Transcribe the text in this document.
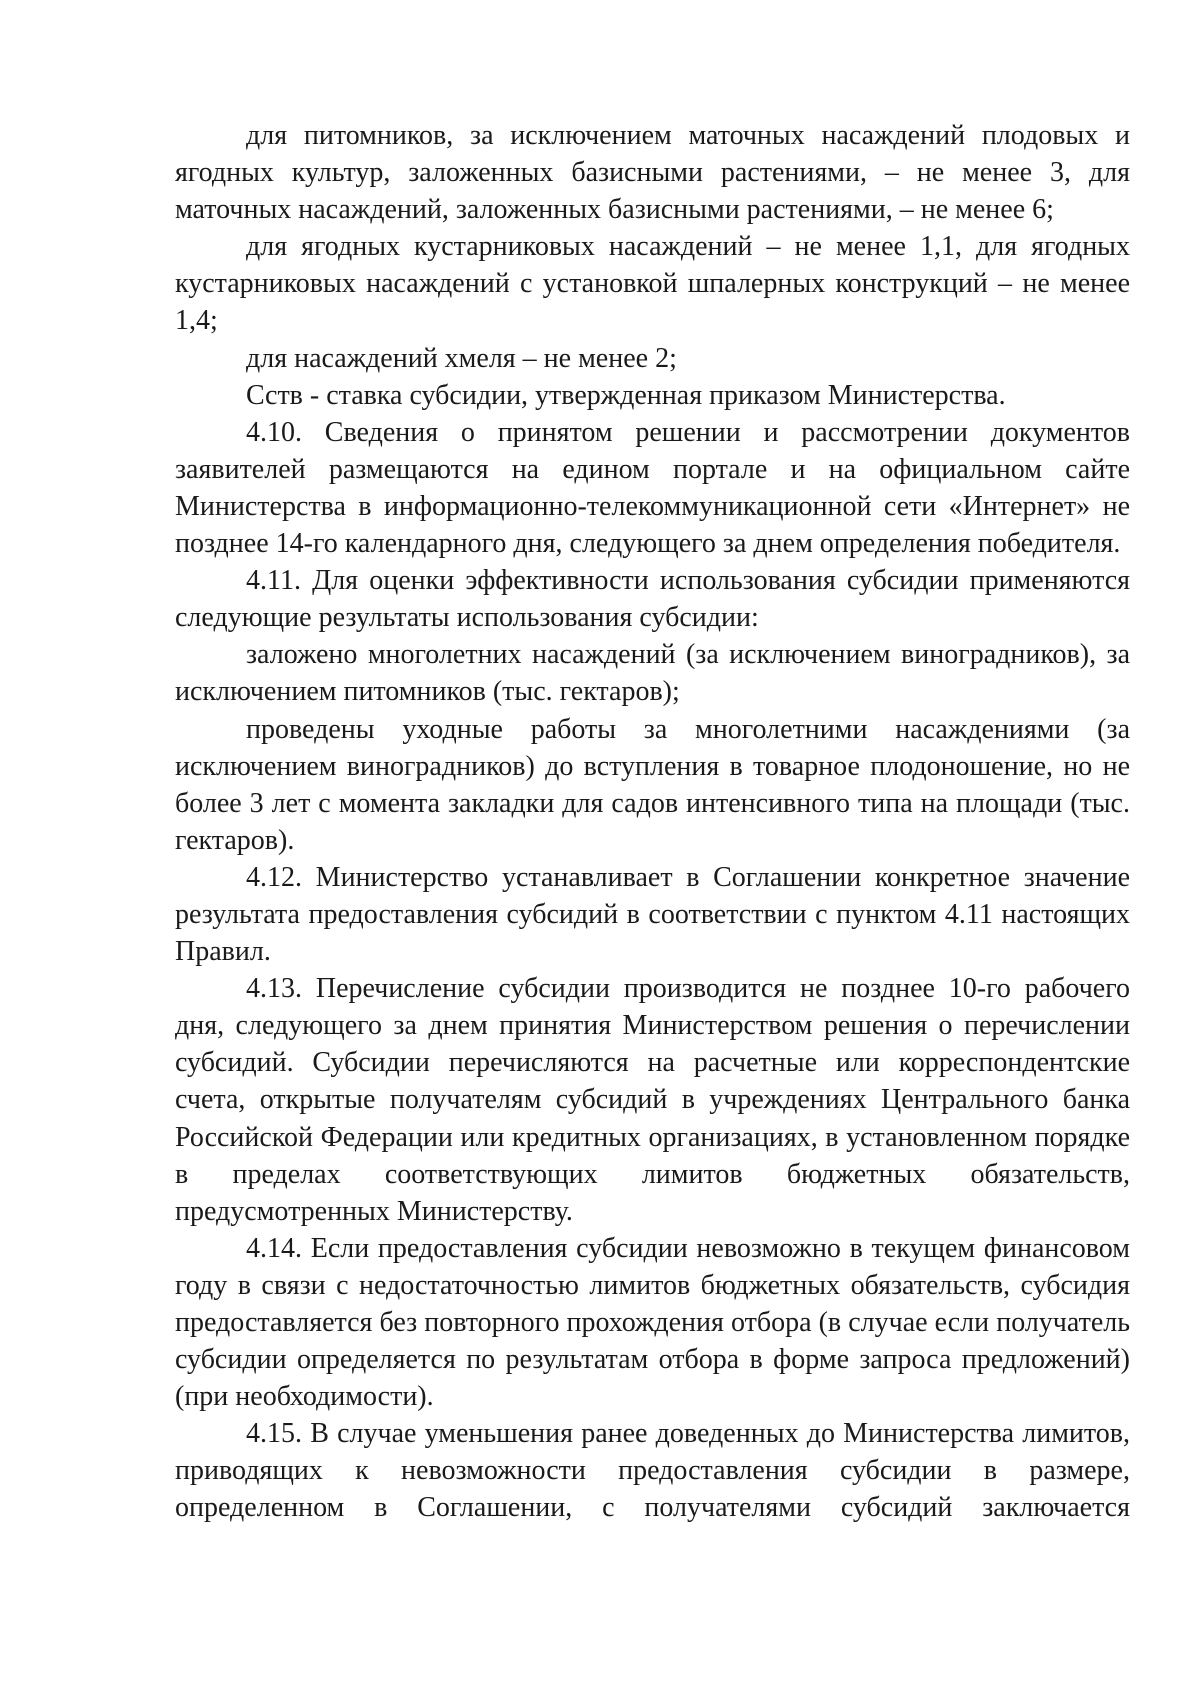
для питомников, за исключением маточных насаждений плодовых и ягодных культур, заложенных базисными растениями, – не менее 3, для маточных насаждений, заложенных базисными растениями, – не менее 6;

для ягодных кустарниковых насаждений – не менее 1,1, для ягодных кустарниковых насаждений с установкой шпалерных конструкций – не менее 1,4;

для насаждений хмеля – не менее 2;

Сств - ставка субсидии, утвержденная приказом Министерства.

4.10. Сведения о принятом решении и рассмотрении документов заявителей размещаются на едином портале и на официальном сайте Министерства в информационно-телекоммуникационной сети «Интернет» не позднее 14-го календарного дня, следующего за днем определения победителя.

4.11. Для оценки эффективности использования субсидии применяются следующие результаты использования субсидии:

заложено многолетних насаждений (за исключением виноградников), за исключением питомников (тыс. гектаров);

проведены уходные работы за многолетними насаждениями (за исключением виноградников) до вступления в товарное плодоношение, но не более 3 лет с момента закладки для садов интенсивного типа на площади (тыс. гектаров).

4.12. Министерство устанавливает в Соглашении конкретное значение результата предоставления субсидий в соответствии с пунктом 4.11 настоящих Правил.

4.13. Перечисление субсидии производится не позднее 10-го рабочего дня, следующего за днем принятия Министерством решения о перечислении субсидий. Субсидии перечисляются на расчетные или корреспондентские счета, открытые получателям субсидий в учреждениях Центрального банка Российской Федерации или кредитных организациях, в установленном порядке в пределах соответствующих лимитов бюджетных обязательств, предусмотренных Министерству.

4.14. Если предоставления субсидии невозможно в текущем финансовом году в связи с недостаточностью лимитов бюджетных обязательств, субсидия предоставляется без повторного прохождения отбора (в случае если получатель субсидии определяется по результатам отбора в форме запроса предложений) (при необходимости).

4.15. В случае уменьшения ранее доведенных до Министерства лимитов, приводящих к невозможности предоставления субсидии в размере, определенном в Соглашении, с получателями субсидий заключается
